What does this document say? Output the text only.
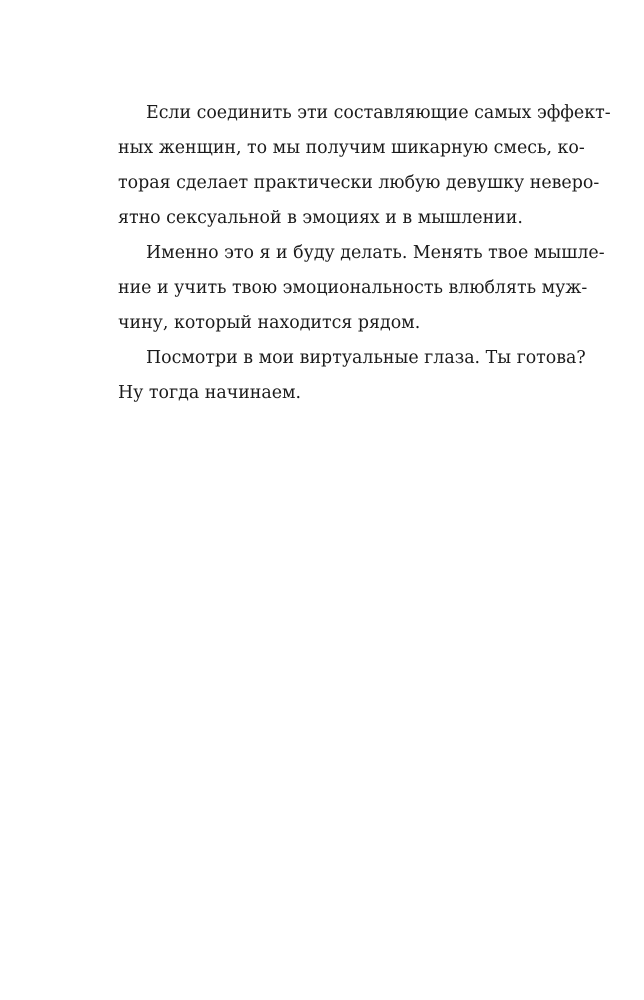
Если соединить эти составляющие самых эффект-
ных женщин, то мы получим шикарную смесь, ко-
торая сделает практически любую девушку неверо-
ятно сексуальной в эмоциях и в мышлении.

Именно это я и буду делать. Менять твое мышле-
ние и учить твою эмоциональность влюблять муж-
чину, который находится рядом.

Посмотри в мои виртуальные глаза. Ты готова?
Ну тогда начинаем.
